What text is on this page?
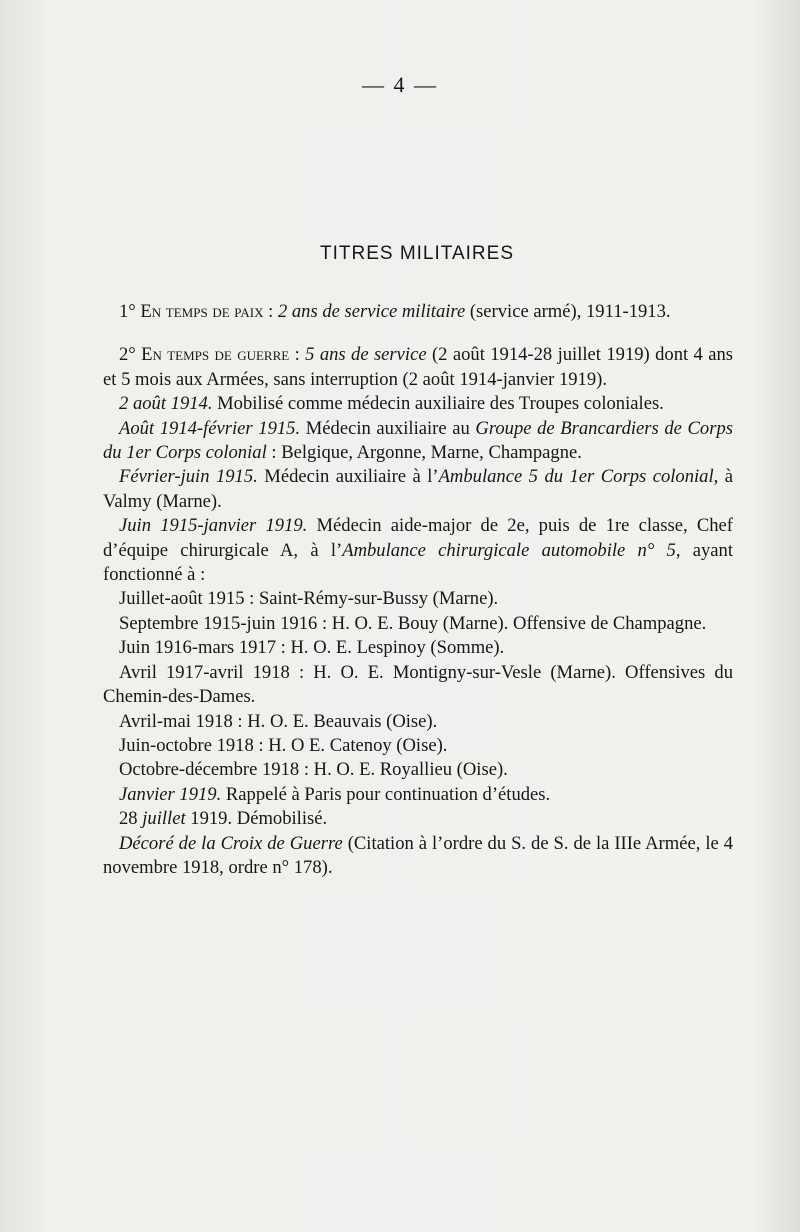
— 4 —
TITRES MILITAIRES

1° En temps de paix : 2 ans de service militaire (service armé), 1911-1913.

2° En temps de guerre : 5 ans de service (2 août 1914-28 juillet 1919) dont 4 ans et 5 mois aux Armées, sans interruption (2 août 1914-janvier 1919).

2 août 1914. Mobilisé comme médecin auxiliaire des Troupes coloniales.

Août 1914-février 1915. Médecin auxiliaire au Groupe de Brancardiers de Corps du 1er Corps colonial : Belgique, Argonne, Marne, Champagne.

Février-juin 1915. Médecin auxiliaire à l’Ambulance 5 du 1er Corps colonial, à Valmy (Marne).

Juin 1915-janvier 1919. Médecin aide-major de 2e, puis de 1re classe, Chef d’équipe chirurgicale A, à l’Ambulance chirurgicale automobile n° 5, ayant fonctionné à :

Juillet-août 1915 : Saint-Rémy-sur-Bussy (Marne).

Septembre 1915-juin 1916 : H. O. E. Bouy (Marne). Offensive de Champagne.

Juin 1916-mars 1917 : H. O. E. Lespinoy (Somme).

Avril 1917-avril 1918 : H. O. E. Montigny-sur-Vesle (Marne). Offensives du Chemin-des-Dames.

Avril-mai 1918 : H. O. E. Beauvais (Oise).

Juin-octobre 1918 : H. O E. Catenoy (Oise).

Octobre-décembre 1918 : H. O. E. Royallieu (Oise).

Janvier 1919. Rappelé à Paris pour continuation d’études.

28 juillet 1919. Démobilisé.

Décoré de la Croix de Guerre (Citation à l’ordre du S. de S. de la IIIe Armée, le 4 novembre 1918, ordre n° 178).
